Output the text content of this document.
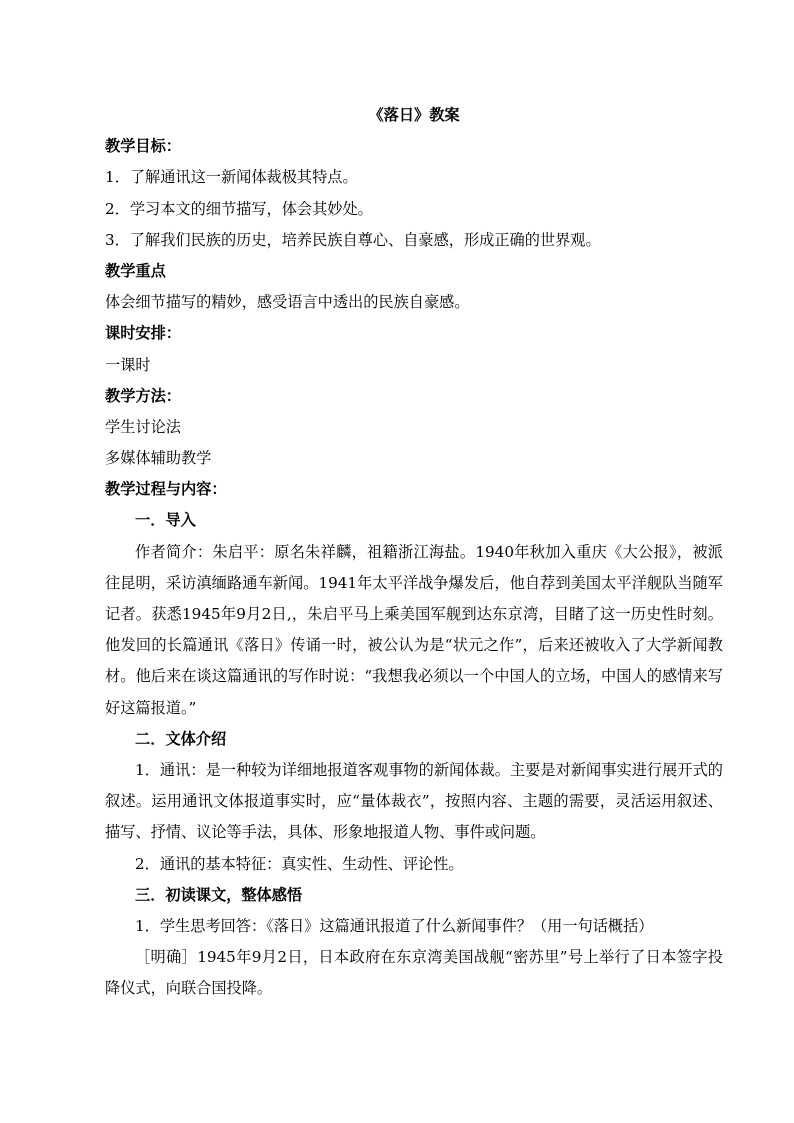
《落日》教案
教学目标：
1．了解通讯这一新闻体裁极其特点。
2．学习本文的细节描写，体会其妙处。
3．了解我们民族的历史，培养民族自尊心、自豪感，形成正确的世界观。
教学重点
体会细节描写的精妙，感受语言中透出的民族自豪感。
课时安排：
一课时
教学方法：
学生讨论法
多媒体辅助教学
教学过程与内容：
一．导入

作者简介：朱启平：原名朱祥麟，祖籍浙江海盐。1940年秋加入重庆《大公报》，被派往昆明，采访滇缅路通车新闻。1941年太平洋战争爆发后，他自荐到美国太平洋舰队当随军记者。获悉1945年9月2日,，朱启平马上乘美国军舰到达东京湾，目睹了这一历史性时刻。他发回的长篇通讯《落日》传诵一时，被公认为是“状元之作”，后来还被收入了大学新闻教材。他后来在谈这篇通讯的写作时说：“我想我必须以一个中国人的立场，中国人的感情来写好这篇报道。”

二．文体介绍

1．通讯：是一种较为详细地报道客观事物的新闻体裁。主要是对新闻事实进行展开式的叙述。运用通讯文体报道事实时，应“量体裁衣”，按照内容、主题的需要，灵活运用叙述、描写、抒情、议论等手法，具体、形象地报道人物、事件或问题。

2．通讯的基本特征：真实性、生动性、评论性。

三．初读课文，整体感悟

1．学生思考回答：《落日》这篇通讯报道了什么新闻事件？（用一句话概括）

［明确］1945年9月2日，日本政府在东京湾美国战舰“密苏里”号上举行了日本签字投降仪式，向联合国投降。
